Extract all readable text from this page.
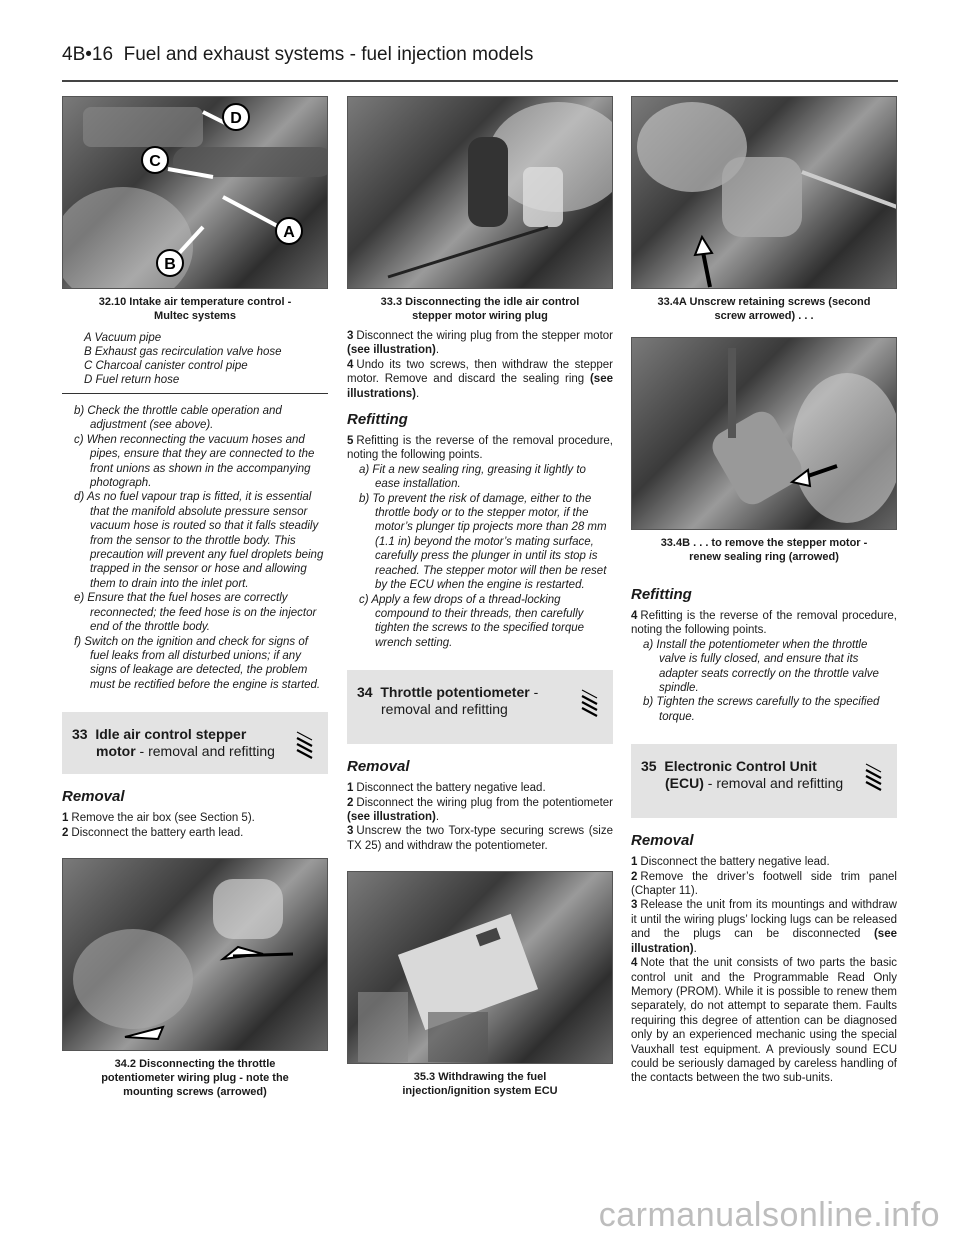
4B•16 Fuel and exhaust systems - fuel injection models
D
C
A
B
32.10 Intake air temperature control -
Multec systems
A Vacuum pipe
B Exhaust gas recirculation valve hose
C Charcoal canister control pipe
D Fuel return hose
b) Check the throttle cable operation and adjustment (see above).
c) When reconnecting the vacuum hoses and pipes, ensure that they are connected to the front unions as shown in the accompanying photograph.
d) As no fuel vapour trap is fitted, it is essential that the manifold absolute pressure sensor vacuum hose is routed so that it falls steadily from the sensor to the throttle body. This precaution will prevent any fuel droplets being trapped in the sensor or hose and allowing them to drain into the inlet port.
e) Ensure that the fuel hoses are correctly reconnected; the feed hose is on the injector end of the throttle body.
f) Switch on the ignition and check for signs of fuel leaks from all disturbed unions; if any signs of leakage are detected, the problem must be rectified before the engine is started.
33 Idle air control stepper
motor - removal and refitting
Removal
1 Remove the air box (see Section 5).
2 Disconnect the battery earth lead.
34.2 Disconnecting the throttle
potentiometer wiring plug - note the
mounting screws (arrowed)
33.3 Disconnecting the idle air control
stepper motor wiring plug
3 Disconnect the wiring plug from the stepper motor (see illustration).
4 Undo its two screws, then withdraw the stepper motor. Remove and discard the sealing ring (see illustrations).
Refitting
5 Refitting is the reverse of the removal procedure, noting the following points.
a) Fit a new sealing ring, greasing it lightly to ease installation.
b) To prevent the risk of damage, either to the throttle body or to the stepper motor, if the motor’s plunger tip projects more than 28 mm (1.1 in) beyond the motor’s mating surface, carefully press the plunger in until its stop is reached. The stepper motor will then be reset by the ECU when the engine is restarted.
c) Apply a few drops of a thread-locking compound to their threads, then carefully tighten the screws to the specified torque wrench setting.
34 Throttle potentiometer -
removal and refitting
Removal
1 Disconnect the battery negative lead.
2 Disconnect the wiring plug from the potentiometer (see illustration).
3 Unscrew the two Torx-type securing screws (size TX 25) and withdraw the potentiometer.
35.3 Withdrawing the fuel
injection/ignition system ECU
33.4A Unscrew retaining screws (second
screw arrowed) . . .
33.4B . . . to remove the stepper motor -
renew sealing ring (arrowed)
Refitting
4 Refitting is the reverse of the removal procedure, noting the following points.
a) Install the potentiometer when the throttle valve is fully closed, and ensure that its adapter seats correctly on the throttle valve spindle.
b) Tighten the screws carefully to the specified torque.
35 Electronic Control Unit
(ECU) - removal and refitting
Removal
1 Disconnect the battery negative lead.
2 Remove the driver’s footwell side trim panel (Chapter 11).
3 Release the unit from its mountings and withdraw it until the wiring plugs’ locking lugs can be released and the plugs can be disconnected (see illustration).
4 Note that the unit consists of two parts the basic control unit and the Programmable Read Only Memory (PROM). While it is possible to renew them separately, do not attempt to separate them. Faults requiring this degree of attention can be diagnosed only by an experienced mechanic using the special Vauxhall test equipment. A previously sound ECU could be seriously damaged by careless handling of the contacts between the two sub-units.
carmanualsonline.info
